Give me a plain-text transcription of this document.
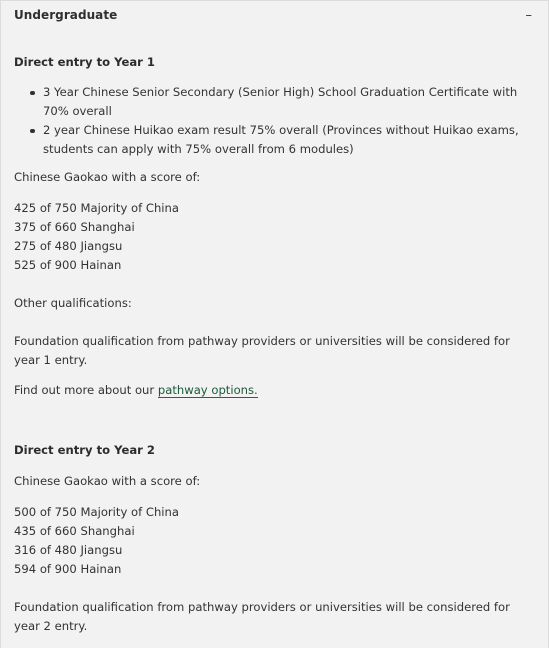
Undergraduate	–
Direct entry to Year 1
3 Year Chinese Senior Secondary (Senior High) School Graduation Certificate with 70% overall
2 year Chinese Huikao exam result 75% overall (Provinces without Huikao exams, students can apply with 75% overall from 6 modules)

Chinese Gaokao with a score of:

425 of 750 Majority of China
375 of 660 Shanghai
275 of 480 Jiangsu
525 of 900 Hainan

Other qualifications:

Foundation qualification from pathway providers or universities will be considered for year 1 entry.

Find out more about our pathway options.

Direct entry to Year 2

Chinese Gaokao with a score of:

500 of 750 Majority of China
435 of 660 Shanghai
316 of 480 Jiangsu
594 of 900 Hainan

Foundation qualification from pathway providers or universities will be considered for year 2 entry.
